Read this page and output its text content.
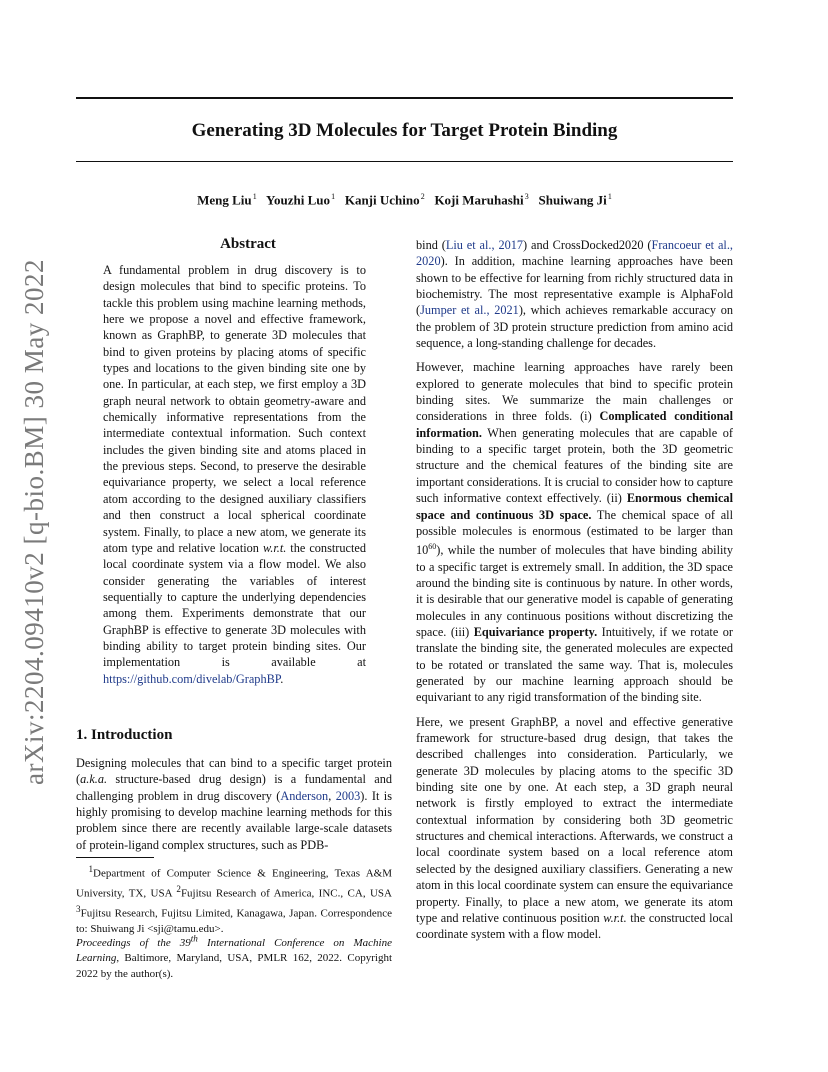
arXiv:2204.09410v2 [q-bio.BM] 30 May 2022
Generating 3D Molecules for Target Protein Binding
Meng Liu $^1$ Youzhi Luo $^1$ Kanji Uchino $^2$ Koji Maruhashi $^3$ Shuiwang Ji $^1$
Abstract

A fundamental problem in drug discovery is to design molecules that bind to specific proteins. To tackle this problem using machine learning methods, here we propose a novel and effective framework, known as GraphBP, to generate 3D molecules that bind to given proteins by placing atoms of specific types and locations to the given binding site one by one. In particular, at each step, we first employ a 3D graph neural network to obtain geometry-aware and chemically informative representations from the intermediate contextual information. Such context includes the given binding site and atoms placed in the previous steps. Second, to preserve the desirable equivariance property, we select a local reference atom according to the designed auxiliary classifiers and then construct a local spherical coordinate system. Finally, to place a new atom, we generate its atom type and relative location w.r.t. the constructed local coordinate system via a flow model. We also consider generating the variables of interest sequentially to capture the underlying dependencies among them. Experiments demonstrate that our GraphBP is effective to generate 3D molecules with binding ability to target protein binding sites. Our implementation is available at https://github.com/divelab/GraphBP.

1. Introduction

Designing molecules that can bind to a specific target protein (a.k.a. structure-based drug design) is a fundamental and challenging problem in drug discovery (Anderson, 2003). It is highly promising to develop machine learning methods for this problem since there are recently available large-scale datasets of protein-ligand complex structures, such as PDB-

$^1$Department of Computer Science & Engineering, Texas A&M University, TX, USA $^2$Fujitsu Research of America, INC., CA, USA $^3$Fujitsu Research, Fujitsu Limited, Kanagawa, Japan. Correspondence to: Shuiwang Ji <sji@tamu.edu>.
Proceedings of the 39th International Conference on Machine Learning, Baltimore, Maryland, USA, PMLR 162, 2022. Copyright 2022 by the author(s).

bind (Liu et al., 2017) and CrossDocked2020 (Francoeur et al., 2020). In addition, machine learning approaches have been shown to be effective for learning from richly structured data in biochemistry. The most representative example is AlphaFold (Jumper et al., 2021), which achieves remarkable accuracy on the problem of 3D protein structure prediction from amino acid sequence, a long-standing challenge for decades.

However, machine learning approaches have rarely been explored to generate molecules that bind to specific protein binding sites. We summarize the main challenges or considerations in three folds. (i) Complicated conditional information. When generating molecules that are capable of binding to a specific target protein, both the 3D geometric structure and the chemical features of the binding site are important considerations. It is crucial to consider how to capture such informative context effectively. (ii) Enormous chemical space and continuous 3D space. The chemical space of all possible molecules is enormous (estimated to be larger than $10^{60}$), while the number of molecules that have binding ability to a specific target is extremely small. In addition, the 3D space around the binding site is continuous by nature. In other words, it is desirable that our generative model is capable of generating molecules in any continuous positions without discretizing the space. (iii) Equivariance property. Intuitively, if we rotate or translate the binding site, the generated molecules are expected to be rotated or translated the same way. That is, molecules generated by our machine learning approach should be equivariant to any rigid transformation of the binding site.

Here, we present GraphBP, a novel and effective generative framework for structure-based drug design, that takes the described challenges into consideration. Particularly, we generate 3D molecules by placing atoms to the specific 3D binding site one by one. At each step, a 3D graph neural network is firstly employed to extract the intermediate contextual information by considering both 3D geometric structures and chemical interactions. Afterwards, we construct a local coordinate system based on a local reference atom selected by the designed auxiliary classifiers. Generating a new atom in this local coordinate system can ensure the equivariance property. Finally, to place a new atom, we generate its atom type and relative continuous position w.r.t. the constructed local coordinate system with a flow model.
